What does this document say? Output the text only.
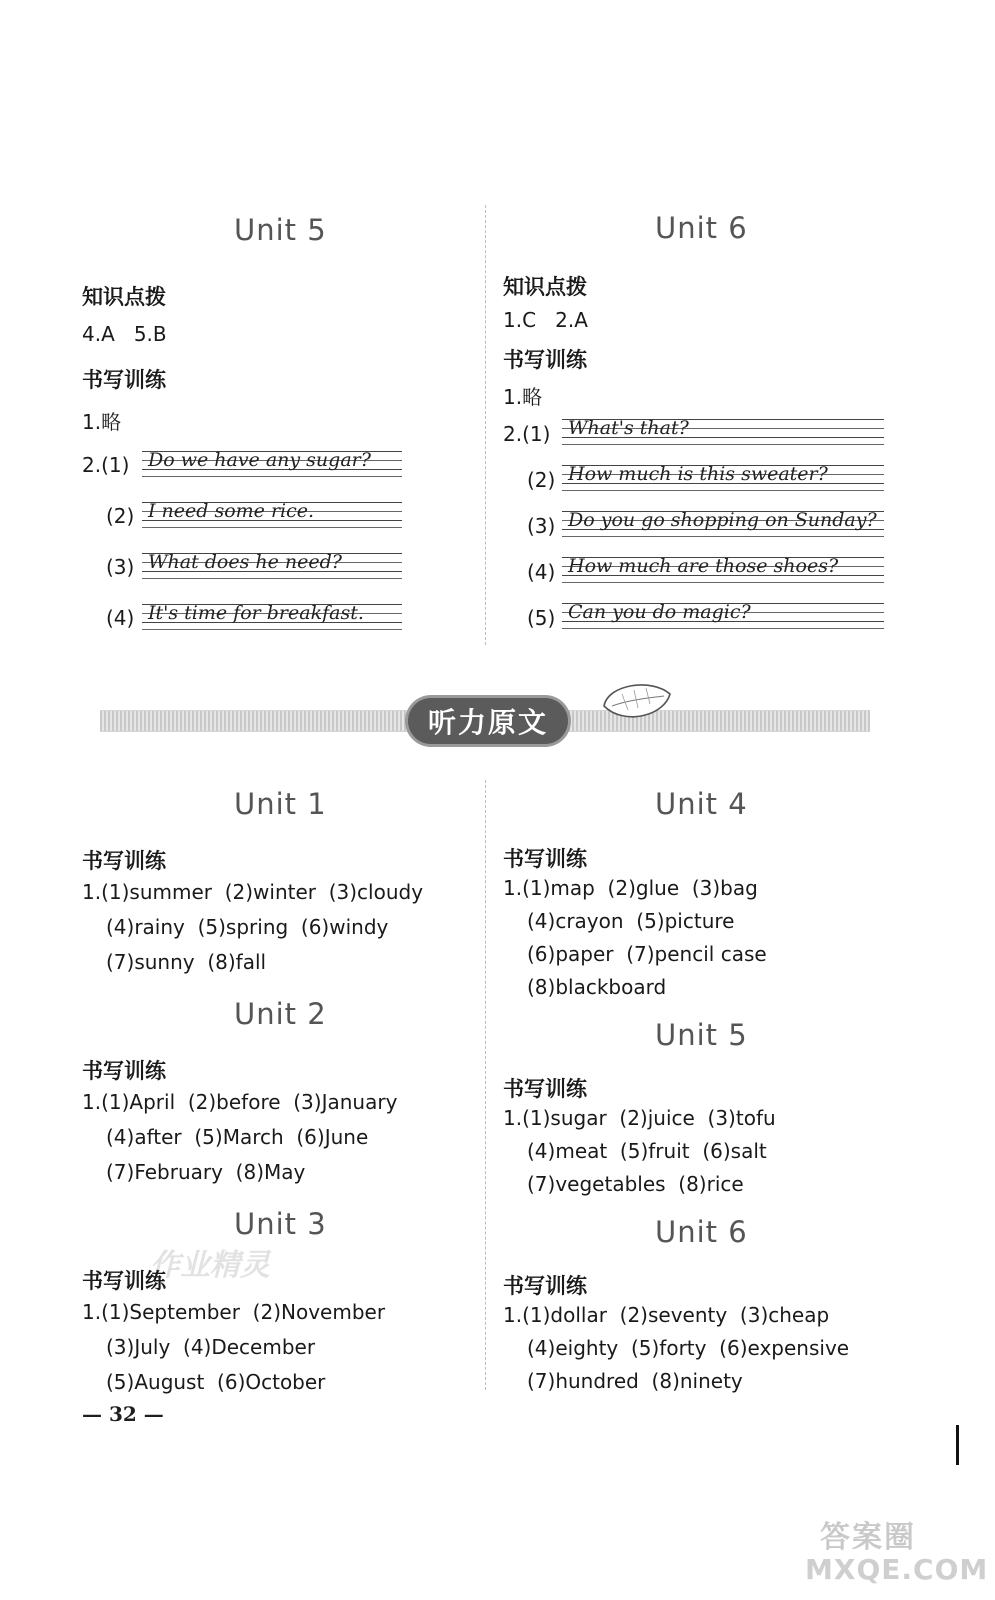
Unit 5
知识点拨
4.A   5.B
书写训练
1.略
2.(1) Do we have any sugar?
(2) I need some rice.
(3) What does he need?
(4) It's time for breakfast.
Unit 6
知识点拨
1.C   2.A
书写训练
1.略
2.(1) What's that?
(2) How much is this sweater?
(3) Do you go shopping on Sunday?
(4) How much are those shoes?
(5) Can you do magic?
听力原文
Unit 1
书写训练
1.(1)summer  (2)winter  (3)cloudy
(4)rainy  (5)spring  (6)windy
(7)sunny  (8)fall
Unit 2
书写训练
1.(1)April  (2)before  (3)January
(4)after  (5)March  (6)June
(7)February  (8)May
Unit 3
作业精灵
书写训练
1.(1)September  (2)November
(3)July  (4)December
(5)August  (6)October
Unit 4
书写训练
1.(1)map  (2)glue  (3)bag
(4)crayon  (5)picture
(6)paper  (7)pencil case
(8)blackboard
Unit 5
书写训练
1.(1)sugar  (2)juice  (3)tofu
(4)meat  (5)fruit  (6)salt
(7)vegetables  (8)rice
Unit 6
书写训练
1.(1)dollar  (2)seventy  (3)cheap
(4)eighty  (5)forty  (6)expensive
(7)hundred  (8)ninety
— 32 —
答案圈
MXQE.COM
